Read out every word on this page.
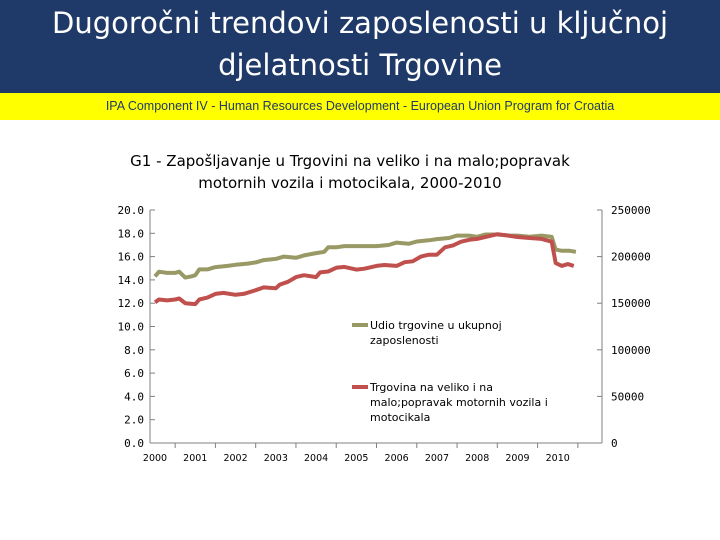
Dugoročni trendovi zaposlenosti u ključnoj
djelatnosti Trgovine
IPA Component IV - Human Resources Development - European Union Program for Croatia
G1 - Zapošljavanje u Trgovini na veliko i na malo;popravak
motornih vozila i motocikala, 2000-2010
20.0
18.0
16.0
14.0
12.0
10.0
8.0
6.0
4.0
2.0
0.0
250000
200000
150000
100000
50000
0
2000 2001 2002 2003 2004 2005 2006 2007 2008 2009 2010
Udio trgovine u ukupnoj zaposlenosti
Trgovina na veliko i na malo;popravak motornih vozila i motocikala
